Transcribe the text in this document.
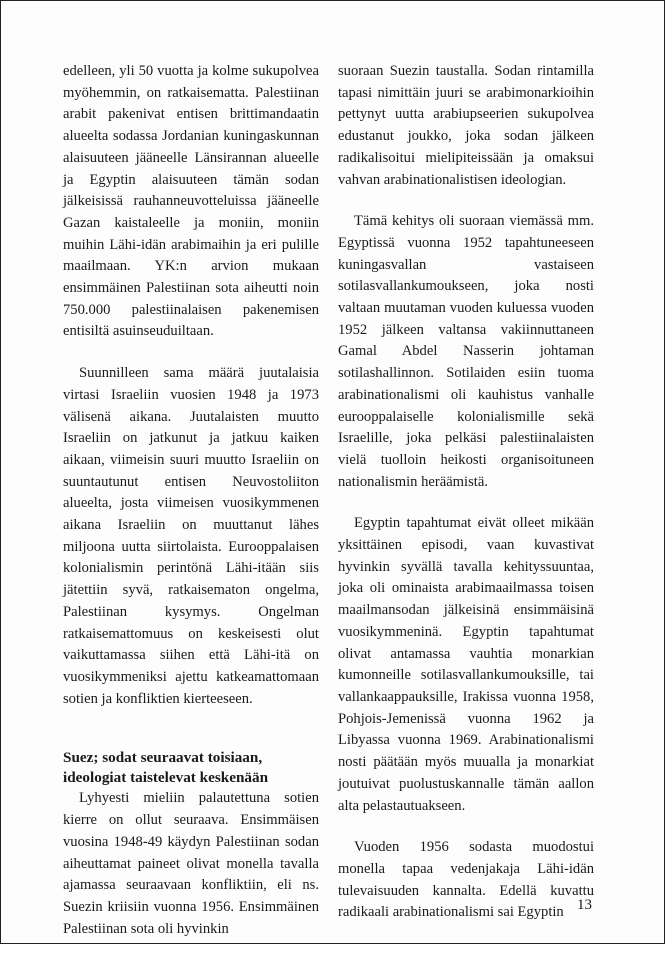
edelleen, yli 50 vuotta ja kolme sukupolvea myöhemmin, on ratkaisematta. Palestiinan arabit pakenivat entisen brittimandaatin alueelta sodassa Jordanian kuningaskunnan alaisuuteen jääneelle Länsirannan alueelle ja Egyptin alaisuuteen tämän sodan jälkeisissä rauhanneuvotteluissa jääneelle Gazan kaistaleelle ja moniin, moniin muihin Lähi-idän arabimaihin ja eri pulille maailmaan. YK:n arvion mukaan ensimmäinen Palestiinan sota aiheutti noin 750.000 palestiinalaisen pakenemisen entisiltä asuinseuduiltaan.

Suunnilleen sama määrä juutalaisia virtasi Israeliin vuosien 1948 ja 1973 välisenä aikana. Juutalaisten muutto Israeliin on jatkunut ja jatkuu kaiken aikaan, viimeisin suuri muutto Israeliin on suuntautunut entisen Neuvostoliiton alueelta, josta viimeisen vuosikymmenen aikana Israeliin on muuttanut lähes miljoona uutta siirtolaista. Eurooppalaisen kolonialismin perintönä Lähi-itään siis jätettiin syvä, ratkaisematon ongelma, Palestiinan kysymys. Ongelman ratkaisemattomuus on keskeisesti olut vaikuttamassa siihen että Lähi-itä on vuosikymmeniksi ajettu katkeamattomaan sotien ja konfliktien kierteeseen.

Suez; sodat seuraavat toisiaan, ideologiat taistelevat keskenään

Lyhyesti mieliin palautettuna sotien kierre on ollut seuraava. Ensimmäisen vuosina 1948-49 käydyn Palestiinan sodan aiheuttamat paineet olivat monella tavalla ajamassa seuraavaan konfliktiin, eli ns. Suezin kriisiin vuonna 1956. Ensimmäinen Palestiinan sota oli hyvinkin

suoraan Suezin taustalla. Sodan rintamilla tapasi nimittäin juuri se arabimonarkioihin pettynyt uutta arabiupseerien sukupolvea edustanut joukko, joka sodan jälkeen radikalisoitui mielipiteissään ja omaksui vahvan arabinationalistisen ideologian.

Tämä kehitys oli suoraan viemässä mm. Egyptissä vuonna 1952 tapahtuneeseen kuningasvallan vastaiseen sotilasvallankumoukseen, joka nosti valtaan muutaman vuoden kuluessa vuoden 1952 jälkeen valtansa vakiinnuttaneen Gamal Abdel Nasserin johtaman sotilashallinnon. Sotilaiden esiin tuoma arabinationalismi oli kauhistus vanhalle eurooppalaiselle kolonialismille sekä Israelille, joka pelkäsi palestiinalaisten vielä tuolloin heikosti organisoituneen nationalismin heräämistä.

Egyptin tapahtumat eivät olleet mikään yksittäinen episodi, vaan kuvastivat hyvinkin syvällä tavalla kehityssuuntaa, joka oli ominaista arabimaailmassa toisen maailmansodan jälkeisinä ensimmäisinä vuosikymmeninä. Egyptin tapahtumat olivat antamassa vauhtia monarkian kumonneille sotilasvallankumouksille, tai vallankaappauksille, Irakissa vuonna 1958, Pohjois-Jemenissä vuonna 1962 ja Libyassa vuonna 1969. Arabinationalismi nosti päätään myös muualla ja monarkiat joutuivat puolustuskannalle tämän aallon alta pelastautuakseen.

Vuoden 1956 sodasta muodostui monella tapaa vedenjakaja Lähi-idän tulevaisuuden kannalta. Edellä kuvattu radikaali arabinationalismi sai Egyptin 13
